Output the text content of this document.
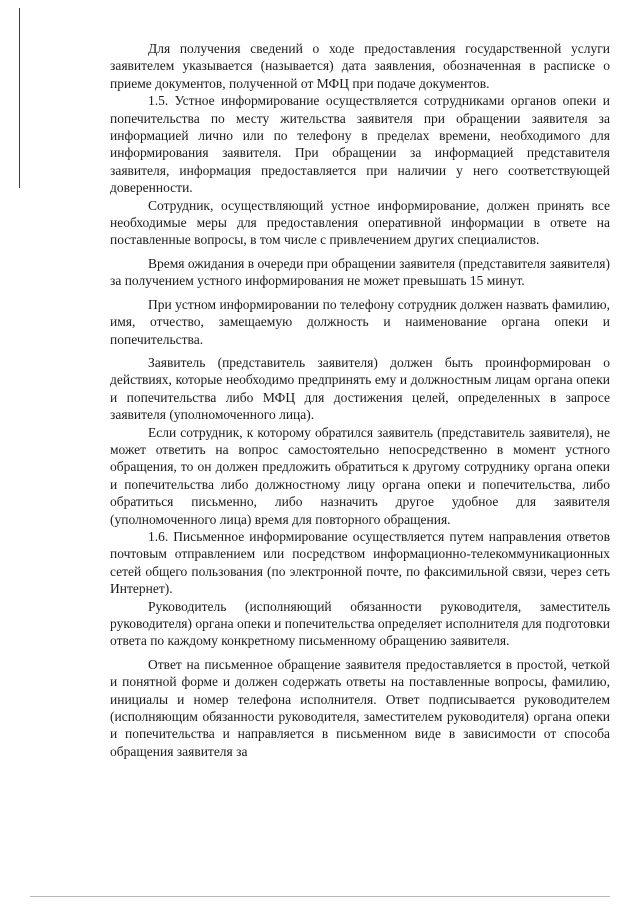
Для получения сведений о ходе предоставления государственной услуги заявителем указывается (называется) дата заявления, обозначенная в расписке о приеме документов, полученной от МФЦ при подаче документов.

1.5. Устное информирование осуществляется сотрудниками органов опеки и попечительства по месту жительства заявителя при обращении заявителя за информацией лично или по телефону в пределах времени, необходимого для информирования заявителя. При обращении за информацией представителя заявителя, информация предоставляется при наличии у него соответствующей доверенности.

Сотрудник, осуществляющий устное информирование, должен принять все необходимые меры для предоставления оперативной информации в ответе на поставленные вопросы, в том числе с привлечением других специалистов.

Время ожидания в очереди при обращении заявителя (представителя заявителя) за получением устного информирования не может превышать 15 минут.

При устном информировании по телефону сотрудник должен назвать фамилию, имя, отчество, замещаемую должность и наименование органа опеки и попечительства.

Заявитель (представитель заявителя) должен быть проинформирован о действиях, которые необходимо предпринять ему и должностным лицам органа опеки и попечительства либо МФЦ для достижения целей, определенных в запросе заявителя (уполномоченного лица).

Если сотрудник, к которому обратился заявитель (представитель заявителя), не может ответить на вопрос самостоятельно непосредственно в момент устного обращения, то он должен предложить обратиться к другому сотруднику органа опеки и попечительства либо должностному лицу органа опеки и попечительства, либо обратиться письменно, либо назначить другое удобное для заявителя (уполномоченного лица) время для повторного обращения.

1.6. Письменное информирование осуществляется путем направления ответов почтовым отправлением или посредством информационно-телекоммуникационных сетей общего пользования (по электронной почте, по факсимильной связи, через сеть Интернет).

Руководитель (исполняющий обязанности руководителя, заместитель руководителя) органа опеки и попечительства определяет исполнителя для подготовки ответа по каждому конкретному письменному обращению заявителя.

Ответ на письменное обращение заявителя предоставляется в простой, четкой и понятной форме и должен содержать ответы на поставленные вопросы, фамилию, инициалы и номер телефона исполнителя. Ответ подписывается руководителем (исполняющим обязанности руководителя, заместителем руководителя) органа опеки и попечительства и направляется в письменном виде в зависимости от способа обращения заявителя за
